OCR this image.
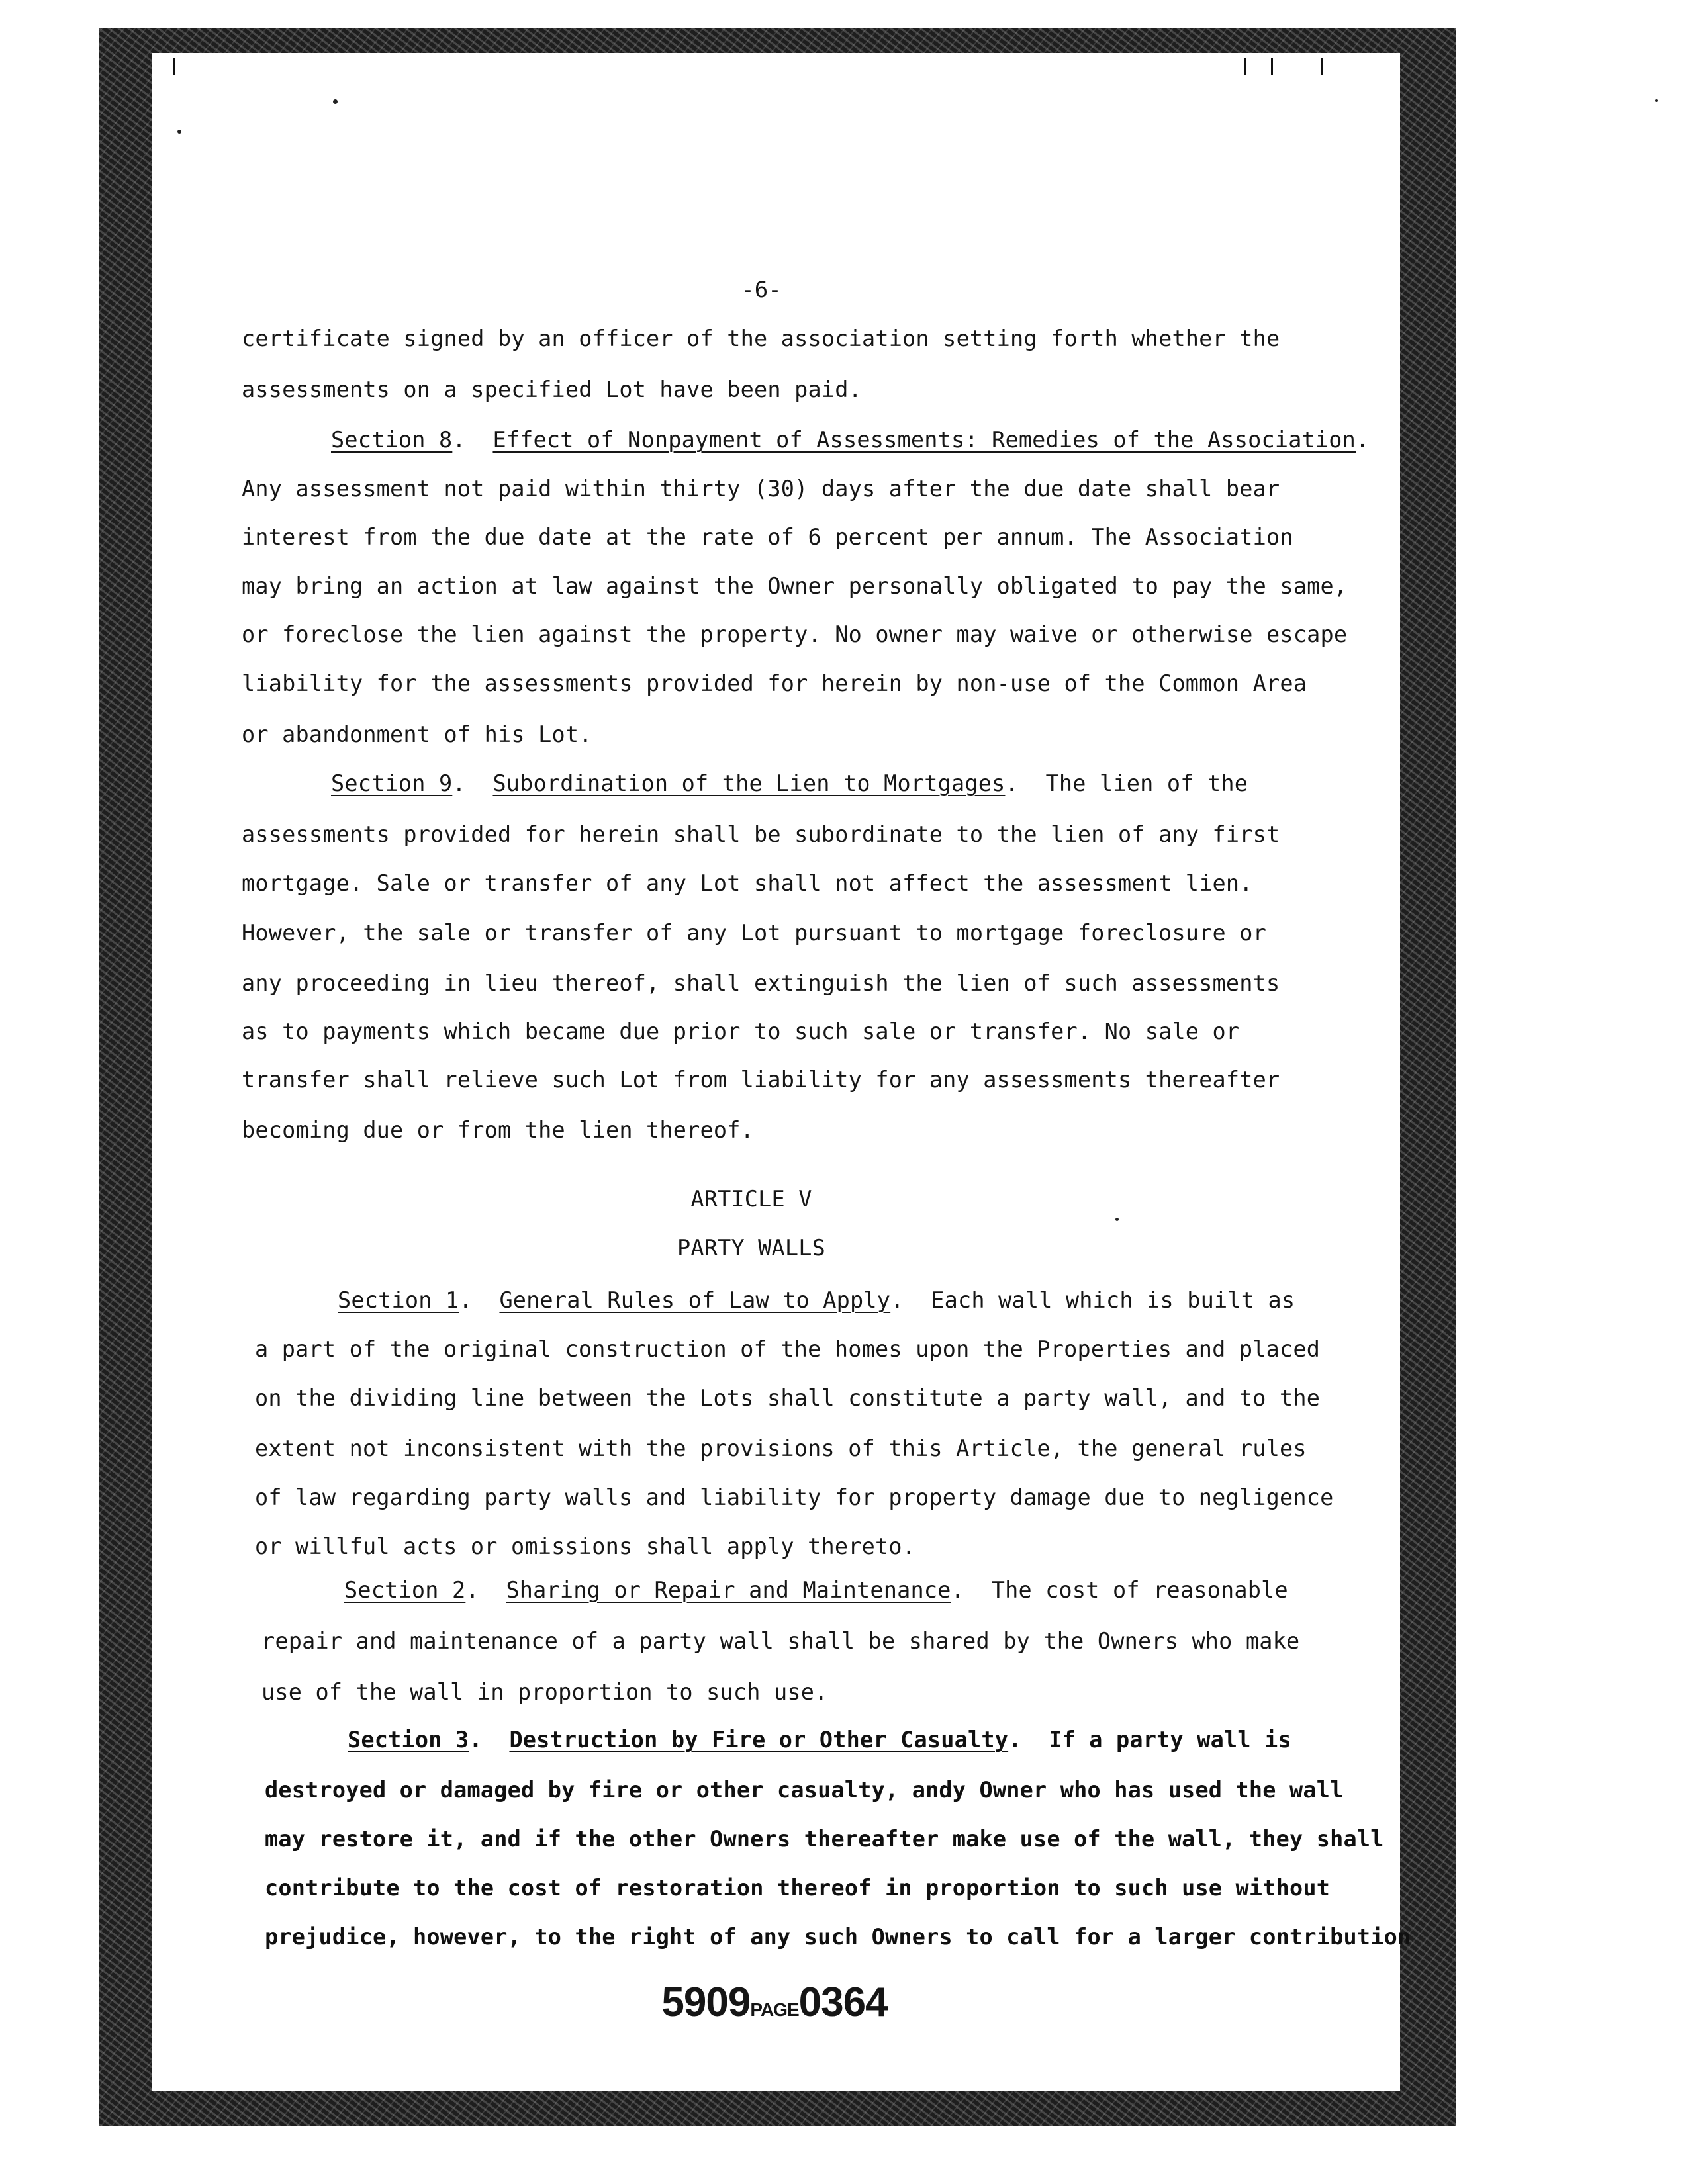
-6-

certificate signed by an officer of the association setting forth whether the

assessments on a specified Lot have been paid.

Section 8.  Effect of Nonpayment of Assessments: Remedies of the Association.

Any assessment not paid within thirty (30) days after the due date shall bear

interest from the due date at the rate of 6 percent per annum. The Association

may bring an action at law against the Owner personally obligated to pay the same,

or foreclose the lien against the property. No owner may waive or otherwise escape

liability for the assessments provided for herein by non-use of the Common Area

or abandonment of his Lot.

Section 9.  Subordination of the Lien to Mortgages.  The lien of the

assessments provided for herein shall be subordinate to the lien of any first

mortgage. Sale or transfer of any Lot shall not affect the assessment lien.

However, the sale or transfer of any Lot pursuant to mortgage foreclosure or

any proceeding in lieu thereof, shall extinguish the lien of such assessments

as to payments which became due prior to such sale or transfer. No sale or

transfer shall relieve such Lot from liability for any assessments thereafter

becoming due or from the lien thereof.

ARTICLE V

PARTY WALLS

Section 1.  General Rules of Law to Apply.  Each wall which is built as

a part of the original construction of the homes upon the Properties and placed

on the dividing line between the Lots shall constitute a party wall, and to the

extent not inconsistent with the provisions of this Article, the general rules

of law regarding party walls and liability for property damage due to negligence

or willful acts or omissions shall apply thereto.

Section 2.  Sharing or Repair and Maintenance.  The cost of reasonable

repair and maintenance of a party wall shall be shared by the Owners who make

use of the wall in proportion to such use.

Section 3.  Destruction by Fire or Other Casualty.  If a party wall is

destroyed or damaged by fire or other casualty, andy Owner who has used the wall

may restore it, and if the other Owners thereafter make use of the wall, they shall

contribute to the cost of restoration thereof in proportion to such use without

prejudice, however, to the right of any such Owners to call for a larger contribution

5909PAGE0364
